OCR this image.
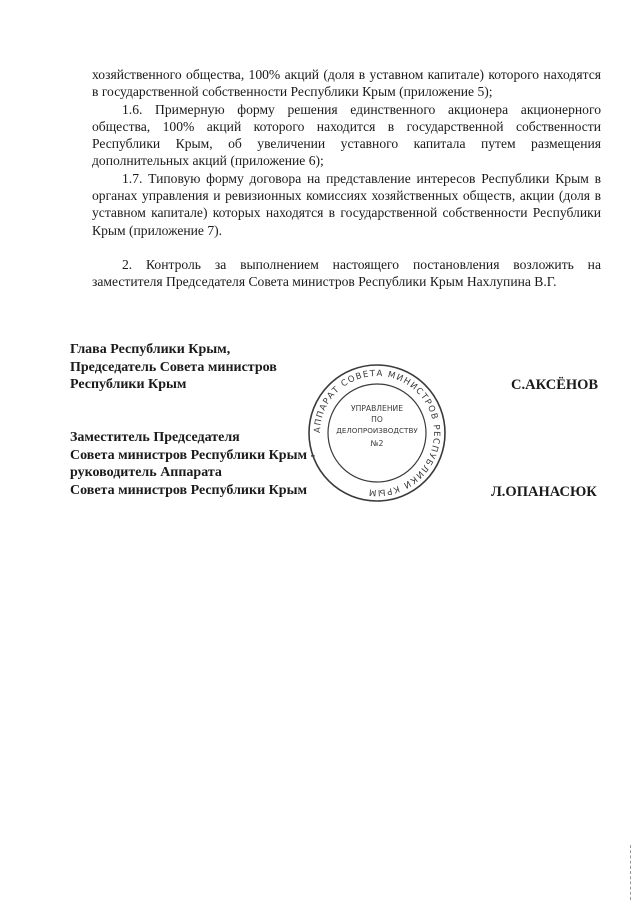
хозяйственного общества, 100% акций (доля в уставном капитале) которого находятся в государственной собственности Республики Крым (приложение 5);

1.6. Примерную форму решения единственного акционера акционерного общества, 100% акций которого находится в государственной собственности Республики Крым, об увеличении уставного капитала путем размещения дополнительных акций (приложение 6);

1.7. Типовую форму договора на представление интересов Республики Крым в органах управления и ревизионных комиссиях хозяйственных обществ, акции (доля в уставном капитале) которых находятся в государственной собственности Республики Крым (приложение 7).

2. Контроль за выполнением настоящего постановления возложить на заместителя Председателя Совета министров Республики Крым Нахлупина В.Г.

Глава Республики Крым,
Председатель Совета министров
Республики Крым	С.АКСЁНОВ
Заместитель Председателя
Совета министров Республики Крым -
руководитель Аппарата
Совета министров Республики Крым	Л.ОПАНАСЮК
АППАРАТ СОВЕТА МИНИСТРОВ РЕСПУБЛИКИ КРЫМ
УПРАВЛЕНИЕ
ПО
ДЕЛОПРОИЗВОДСТВУ
№2
